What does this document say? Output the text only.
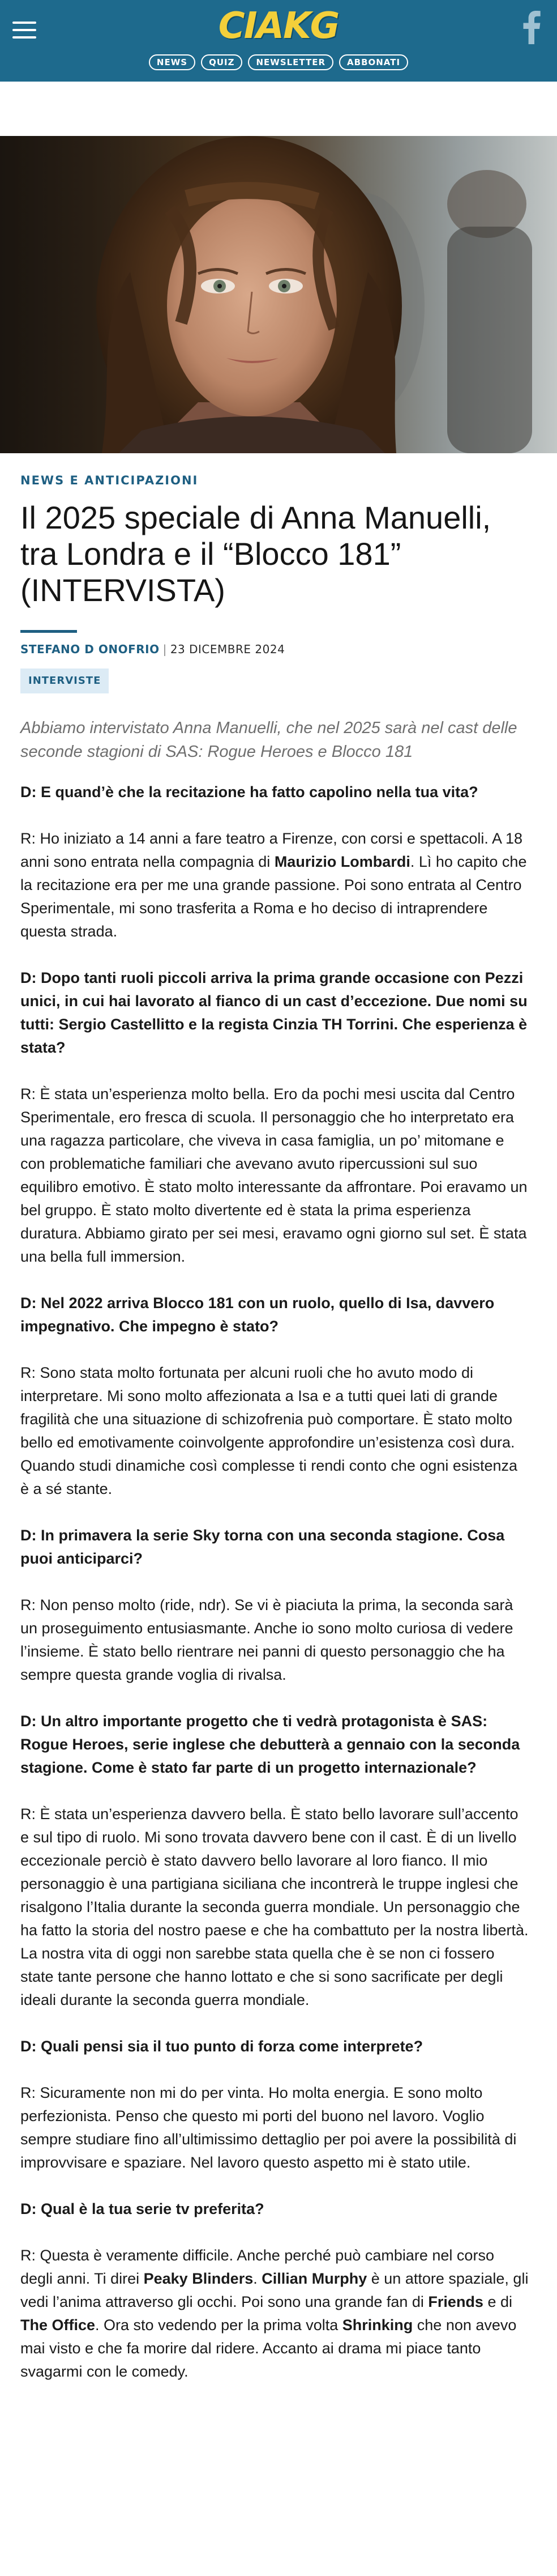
CIAKG
NEWS	QUIZ	NEWSLETTER	ABBONATI
NEWS E ANTICIPAZIONI
Il 2025 speciale di Anna Manuelli, tra Londra e il “Blocco 181” (INTERVISTA)
STEFANO D ONOFRIO | 23 DICEMBRE 2024
INTERVISTE
Abbiamo intervistato Anna Manuelli, che nel 2025 sarà nel cast delle seconde stagioni di SAS: Rogue Heroes e Blocco 181

D: E quand’è che la recitazione ha fatto capolino nella tua vita?

R: Ho iniziato a 14 anni a fare teatro a Firenze, con corsi e spettacoli. A 18 anni sono entrata nella compagnia di Maurizio Lombardi. Lì ho capito che la recitazione era per me una grande passione. Poi sono entrata al Centro Sperimentale, mi sono trasferita a Roma e ho deciso di intraprendere questa strada.

D: Dopo tanti ruoli piccoli arriva la prima grande occasione con Pezzi unici, in cui hai lavorato al fianco di un cast d’eccezione. Due nomi su tutti: Sergio Castellitto e la regista Cinzia TH Torrini. Che esperienza è stata?

R: È stata un’esperienza molto bella. Ero da pochi mesi uscita dal Centro Sperimentale, ero fresca di scuola. Il personaggio che ho interpretato era una ragazza particolare, che viveva in casa famiglia, un po’ mitomane e con problematiche familiari che avevano avuto ripercussioni sul suo equilibro emotivo. È stato molto interessante da affrontare. Poi eravamo un bel gruppo. È stato molto divertente ed è stata la prima esperienza duratura. Abbiamo girato per sei mesi, eravamo ogni giorno sul set. È stata una bella full immersion.

D: Nel 2022 arriva Blocco 181 con un ruolo, quello di Isa, davvero impegnativo. Che impegno è stato?

R: Sono stata molto fortunata per alcuni ruoli che ho avuto modo di interpretare. Mi sono molto affezionata a Isa e a tutti quei lati di grande fragilità che una situazione di schizofrenia può comportare. È stato molto bello ed emotivamente coinvolgente approfondire un’esistenza così dura. Quando studi dinamiche così complesse ti rendi conto che ogni esistenza è a sé stante.

D: In primavera la serie Sky torna con una seconda stagione. Cosa puoi anticiparci?

R: Non penso molto (ride, ndr). Se vi è piaciuta la prima, la seconda sarà un proseguimento entusiasmante. Anche io sono molto curiosa di vedere l’insieme. È stato bello rientrare nei panni di questo personaggio che ha sempre questa grande voglia di rivalsa.

D: Un altro importante progetto che ti vedrà protagonista è SAS: Rogue Heroes, serie inglese che debutterà a gennaio con la seconda stagione. Come è stato far parte di un progetto internazionale?

R: È stata un’esperienza davvero bella. È stato bello lavorare sull’accento e sul tipo di ruolo. Mi sono trovata davvero bene con il cast. È di un livello eccezionale perciò è stato davvero bello lavorare al loro fianco. Il mio personaggio è una partigiana siciliana che incontrerà le truppe inglesi che risalgono l’Italia durante la seconda guerra mondiale. Un personaggio che ha fatto la storia del nostro paese e che ha combattuto per la nostra libertà. La nostra vita di oggi non sarebbe stata quella che è se non ci fossero state tante persone che hanno lottato e che si sono sacrificate per degli ideali durante la seconda guerra mondiale.

D: Quali pensi sia il tuo punto di forza come interprete?

R: Sicuramente non mi do per vinta. Ho molta energia. E sono molto perfezionista. Penso che questo mi porti del buono nel lavoro. Voglio sempre studiare fino all’ultimissimo dettaglio per poi avere la possibilità di improvvisare e spaziare. Nel lavoro questo aspetto mi è stato utile.

D: Qual è la tua serie tv preferita?

R: Questa è veramente difficile. Anche perché può cambiare nel corso degli anni. Ti direi Peaky Blinders. Cillian Murphy è un attore spaziale, gli vedi l’anima attraverso gli occhi. Poi sono una grande fan di Friends e di The Office. Ora sto vedendo per la prima volta Shrinking che non avevo mai visto e che fa morire dal ridere. Accanto ai drama mi piace tanto svagarmi con le comedy.
